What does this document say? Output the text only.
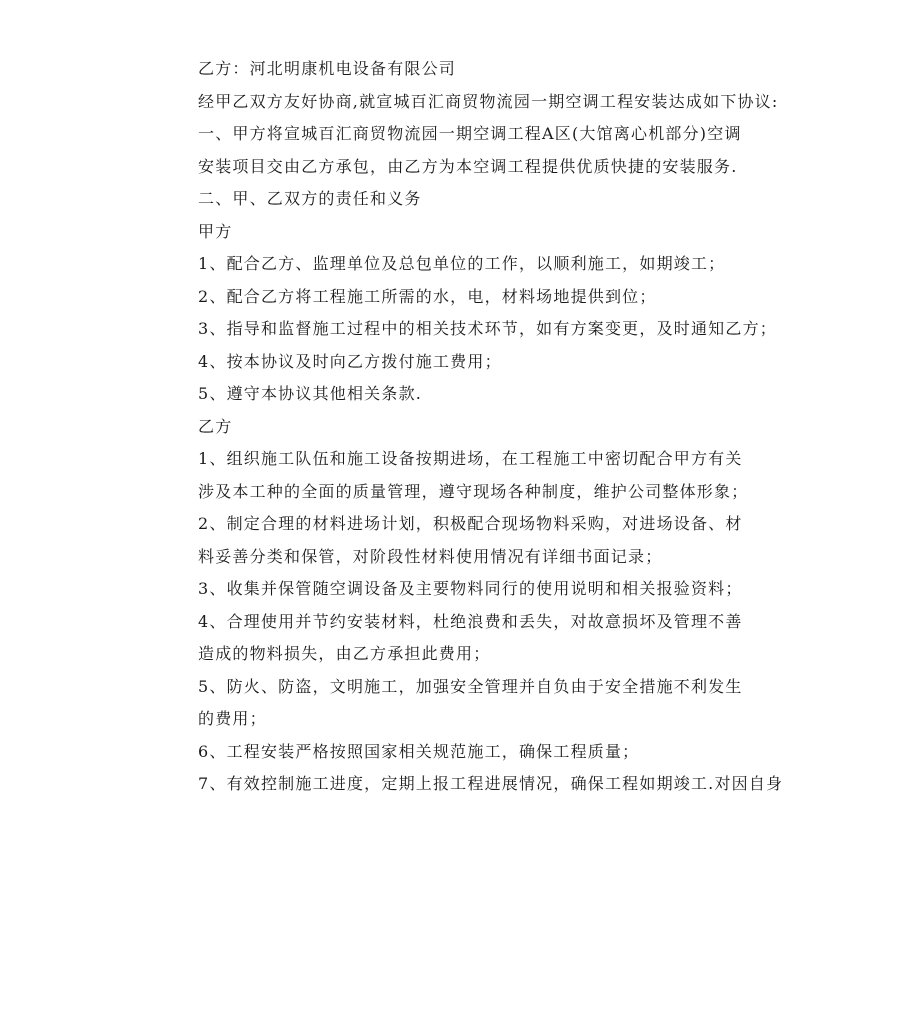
乙方：河北明康机电设备有限公司

经甲乙双方友好协商,就宣城百汇商贸物流园一期空调工程安装达成如下协议:

一、甲方将宣城百汇商贸物流园一期空调工程A区(大馆离心机部分)空调安装项目交由乙方承包，由乙方为本空调工程提供优质快捷的安装服务.

二、甲、乙双方的责任和义务

甲方

1、配合乙方、监理单位及总包单位的工作，以顺利施工，如期竣工；

2、配合乙方将工程施工所需的水，电，材料场地提供到位；

3、指导和监督施工过程中的相关技术环节，如有方案变更，及时通知乙方；

4、按本协议及时向乙方拨付施工费用；

5、遵守本协议其他相关条款.

乙方

1、组织施工队伍和施工设备按期进场，在工程施工中密切配合甲方有关涉及本工种的全面的质量管理，遵守现场各种制度，维护公司整体形象；

2、制定合理的材料进场计划，积极配合现场物料采购，对进场设备、材料妥善分类和保管，对阶段性材料使用情况有详细书面记录；

3、收集并保管随空调设备及主要物料同行的使用说明和相关报验资料；

4、合理使用并节约安装材料，杜绝浪费和丢失，对故意损坏及管理不善造成的物料损失，由乙方承担此费用；

5、防火、防盗，文明施工，加强安全管理并自负由于安全措施不利发生的费用；

6、工程安装严格按照国家相关规范施工，确保工程质量；

7、有效控制施工进度，定期上报工程进展情况，确保工程如期竣工.对因自身
